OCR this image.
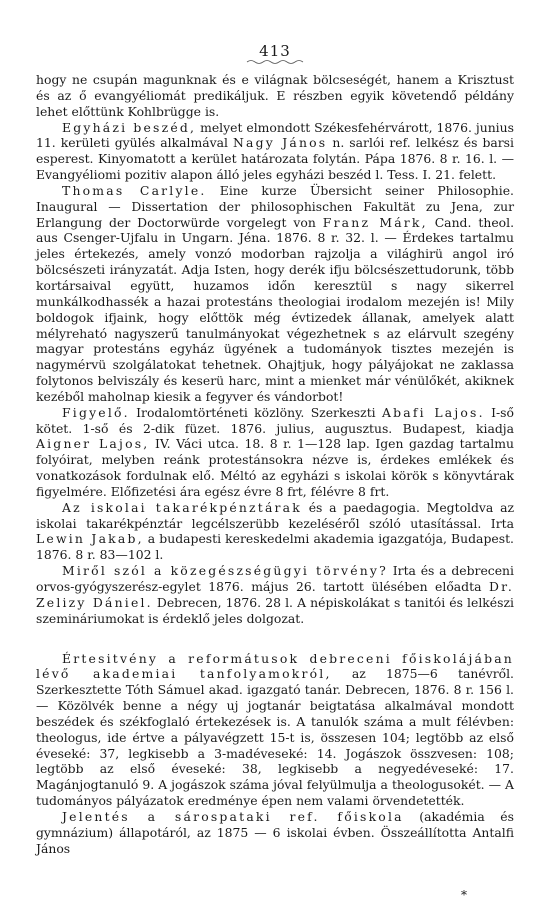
413

hogy ne csupán magunknak és e világnak bölcseségét, hanem a Krisztust és az ő evangyéliomát predikáljuk. E részben egyik követendő példány lehet előttünk Kohlbrügge is.

Egyházi beszéd, melyet elmondott Székesfehérvárott, 1876. junius 11. kerületi gyülés alkalmával Nagy János n. sarlói ref. lelkész és barsi esperest. Kinyomatott a kerület határozata folytán. Pápa 1876. 8 r. 16. l. — Evangyéliomi pozitiv alapon álló jeles egyházi beszéd l. Tess. I. 21. felett.

Thomas Carlyle. Eine kurze Übersicht seiner Philosophie. Inaugural — Dissertation der philosophischen Fakultät zu Jena, zur Erlangung der Doctorwürde vorgelegt von Franz Márk, Cand. theol. aus Csenger-Ujfalu in Ungarn. Jéna. 1876. 8 r. 32. l. — Érdekes tartalmu jeles értekezés, amely vonzó modorban rajzolja a világhirü angol iró bölcsészeti irányzatát. Adja Isten, hogy derék ifju bölcsészettudorunk, több kortársaival együtt, huzamos időn keresztül s nagy sikerrel munkálkodhassék a hazai protestáns theologiai irodalom mezején is! Mily boldogok ifjaink, hogy előttök még évtizedek állanak, amelyek alatt mélyreható nagyszerű tanulmányokat végezhetnek s az elárvult szegény magyar protestáns egyház ügyének a tudományok tisztes mezején is nagymérvü szolgálatokat tehetnek. Ohajtjuk, hogy pályájokat ne zaklassa folytonos belviszály és keserü harc, mint a mienket már vénülőkét, akiknek kezéből maholnap kiesik a fegyver és vándorbot!

Figyelő. Irodalomtörténeti közlöny. Szerkeszti Abafi Lajos. I-ső kötet. 1-ső és 2-dik füzet. 1876. julius, augusztus. Budapest, kiadja Aigner Lajos, IV. Váci utca. 18. 8 r. 1—128 lap. Igen gazdag tartalmu folyóirat, melyben reánk protestánsokra nézve is, érdekes emlékek és vonatkozások fordulnak elő. Méltó az egyházi s iskolai körök s könyvtárak figyelmére. Előfizetési ára egész évre 8 frt, félévre 8 frt.

Az iskolai takarékpénztárak és a paedagogia. Megtoldva az iskolai takarékpénztár legcélszerübb kezeléséről szóló utasítással. Irta Lewin Jakab, a budapesti kereskedelmi akademia igazgatója, Budapest. 1876. 8 r. 83—102 l.

Miről szól a közegészségügyi törvény? Irta és a debreceni orvos-gyógyszerész-egylet 1876. május 26. tartott ülésében előadta Dr. Zelizy Dániel. Debrecen, 1876. 28 l. A népiskolákat s tanitói és lelkészi szemináriumokat is érdeklő jeles dolgozat.

Értesitvény a reformátusok debreceni főiskolájában lévő akademiai tanfolyamokról, az 1875—6 tanévről. Szerkesztette Tóth Sámuel akad. igazgató tanár. Debrecen, 1876. 8 r. 156 l. — Közölvék benne a négy uj jogtanár beigtatása alkalmával mondott beszédek és székfoglaló értekezések is. A tanulók száma a mult félévben: theologus, ide értve a pályavégzett 15-t is, összesen 104; legtöbb az első éveseké: 37, legkisebb a 3-madéveseké: 14. Jogászok összvesen: 108; legtöbb az első éveseké: 38, legkisebb a negyedéveseké: 17. Magánjogtanuló 9. A jogászok száma jóval felyülmulja a theologusokét. — A tudományos pályázatok eredménye épen nem valami örvendetették.

Jelentés a sárospataki ref. főiskola (akadémia és gymnázium) állapotáról, az 1875 — 6 iskolai évben. Összeállította Antalfi János

*
